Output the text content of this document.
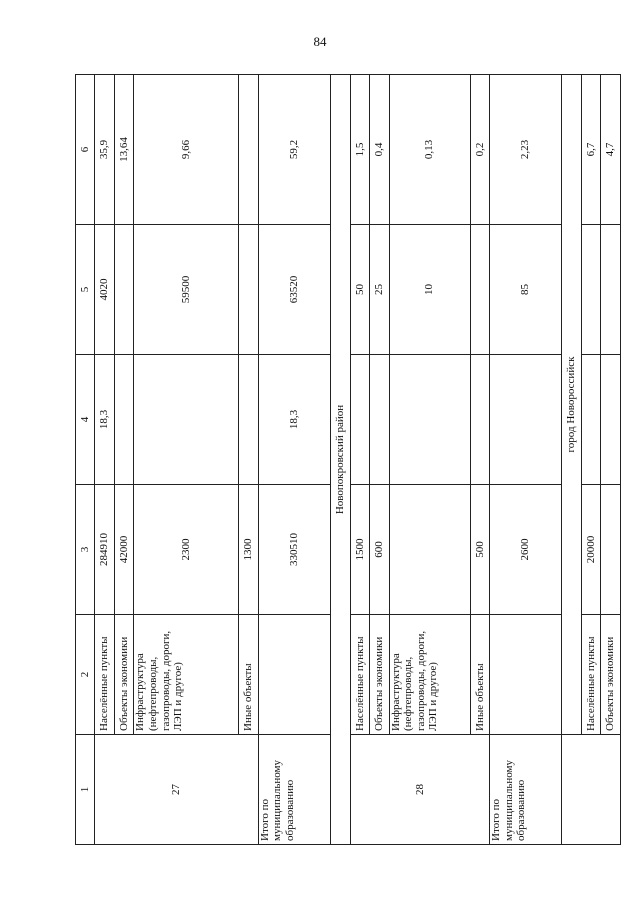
84
1	2	3	4	5	6
27	Населённые пункты	284910	18,3	4020	35,9
	Объекты экономики	42000			13,64
	Инфраструктура (нефтепроводы, газопроводы, дороги, ЛЭП и другое)	2300		59500	9,66
	Иные объекты	1300			
Итого по муниципальному образованию		330510	18,3	63520	59,2
Новопокровский район					
28	Населённые пункты	1500		50	1,5
	Объекты экономики	600		25	0,4
	Инфраструктура (нефтепроводы, газопроводы, дороги, ЛЭП и другое)			10	0,13
	Иные объекты	500			0,2
Итого по муниципальному образованию		2600		85	2,23
	город Новороссийск				
	Населённые пункты	20000			6,7
	Объекты экономики				4,7
